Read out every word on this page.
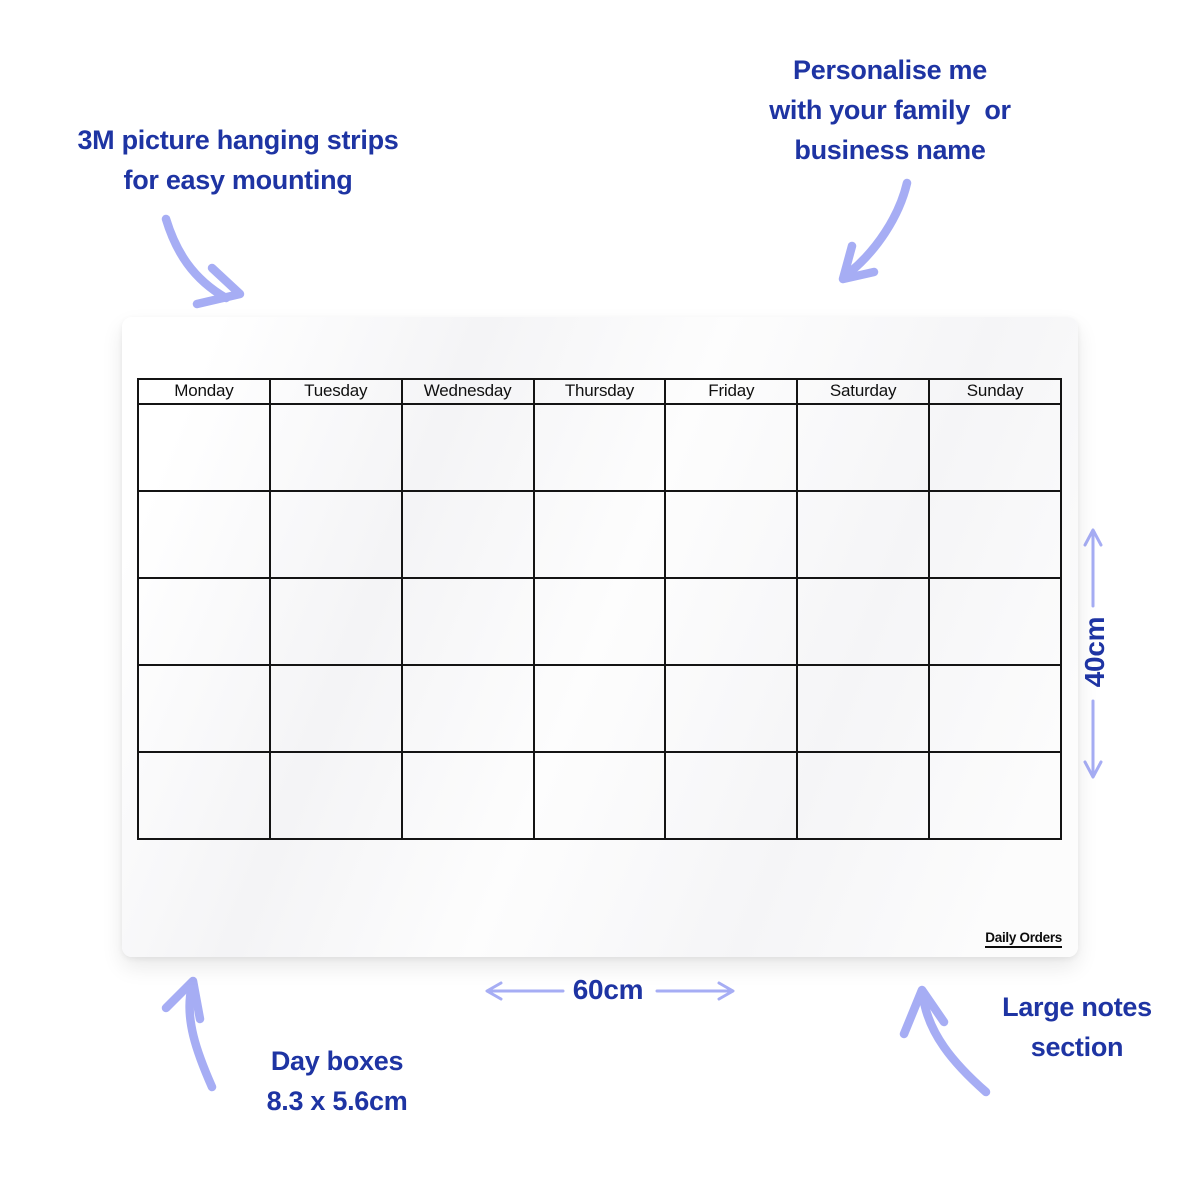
Monday	Tuesday	Wednesday	Thursday	Friday	Saturday	Sunday

Daily Orders
3M picture hanging strips
for easy mounting
Personalise me
with your family  or
business name
Day boxes
8.3 x 5.6cm
Large notes
section
60cm
40cm
